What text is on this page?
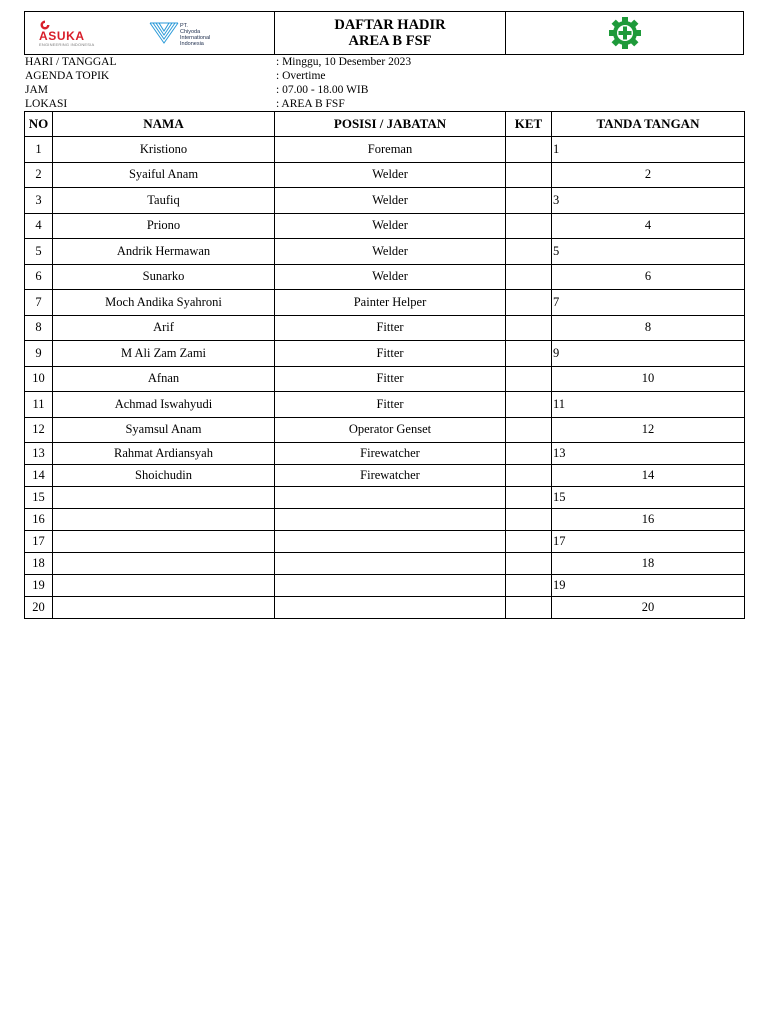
ASUKA
ENGINEERING INDONESIA
PT.
Chiyoda
International
Indonesia
DAFTAR HADIR
AREA B FSF
HARI / TANGGAL	: Minggu, 10 Desember 2023
AGENDA TOPIK	: Overtime
JAM	: 07.00 - 18.00 WIB
LOKASI	: AREA B FSF
NO	NAMA	POSISI / JABATAN	KET	TANDA TANGAN
1	Kristiono	Foreman		1
2	Syaiful Anam	Welder		2
3	Taufiq	Welder		3
4	Priono	Welder		4
5	Andrik Hermawan	Welder		5
6	Sunarko	Welder		6
7	Moch Andika Syahroni	Painter Helper		7
8	Arif	Fitter		8
9	M Ali Zam Zami	Fitter		9
10	Afnan	Fitter		10
11	Achmad Iswahyudi	Fitter		11
12	Syamsul Anam	Operator Genset		12
13	Rahmat Ardiansyah	Firewatcher		13
14	Shoichudin	Firewatcher		14
15				15
16				16
17				17
18				18
19				19
20				20
